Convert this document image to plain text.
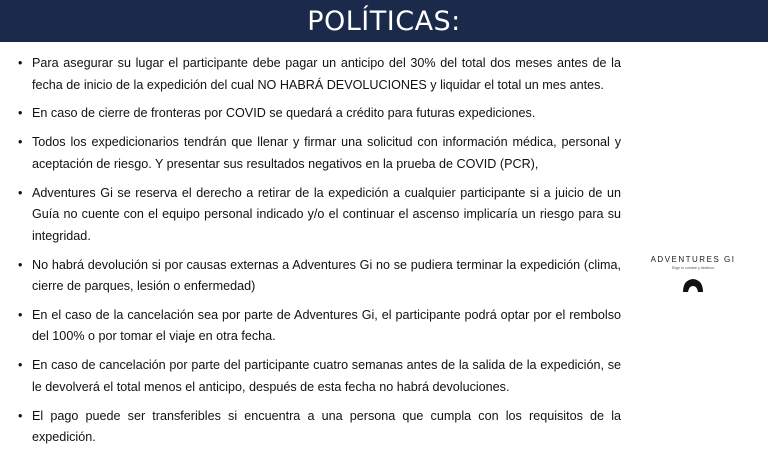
POLÍTICAS:
• Para asegurar su lugar el participante debe pagar un anticipo del 30% del total dos meses antes de la fecha de inicio de la expedición del cual NO HABRÁ DEVOLUCIONES y liquidar el total un mes antes.
• En caso de cierre de fronteras por COVID se quedará a crédito para futuras expediciones.
• Todos los expedicionarios tendrán que llenar y firmar una solicitud con información médica, personal y aceptación de riesgo. Y presentar sus resultados negativos en la prueba de COVID (PCR),
• Adventures Gi se reserva el derecho a retirar de la expedición a cualquier participante si a juicio de un Guía no cuente con el equipo personal indicado y/o el continuar el ascenso implicaría un riesgo para su integridad.
• No habrá devolución si por causas externas a Adventures Gi no se pudiera terminar la expedición (clima, cierre de parques, lesión o enfermedad)
• En el caso de la cancelación sea por parte de Adventures Gi, el participante podrá optar por el rembolso del 100% o por tomar el viaje en otra fecha.
• En caso de cancelación por parte del participante cuatro semanas antes de la salida de la expedición, se le devolverá el total menos el anticipo, después de esta fecha no habrá devoluciones.
• El pago puede ser transferibles si encuentra a una persona que cumpla con los requisitos de la expedición.
ADVENTURES GI
Elige tu cumbre y destinos
